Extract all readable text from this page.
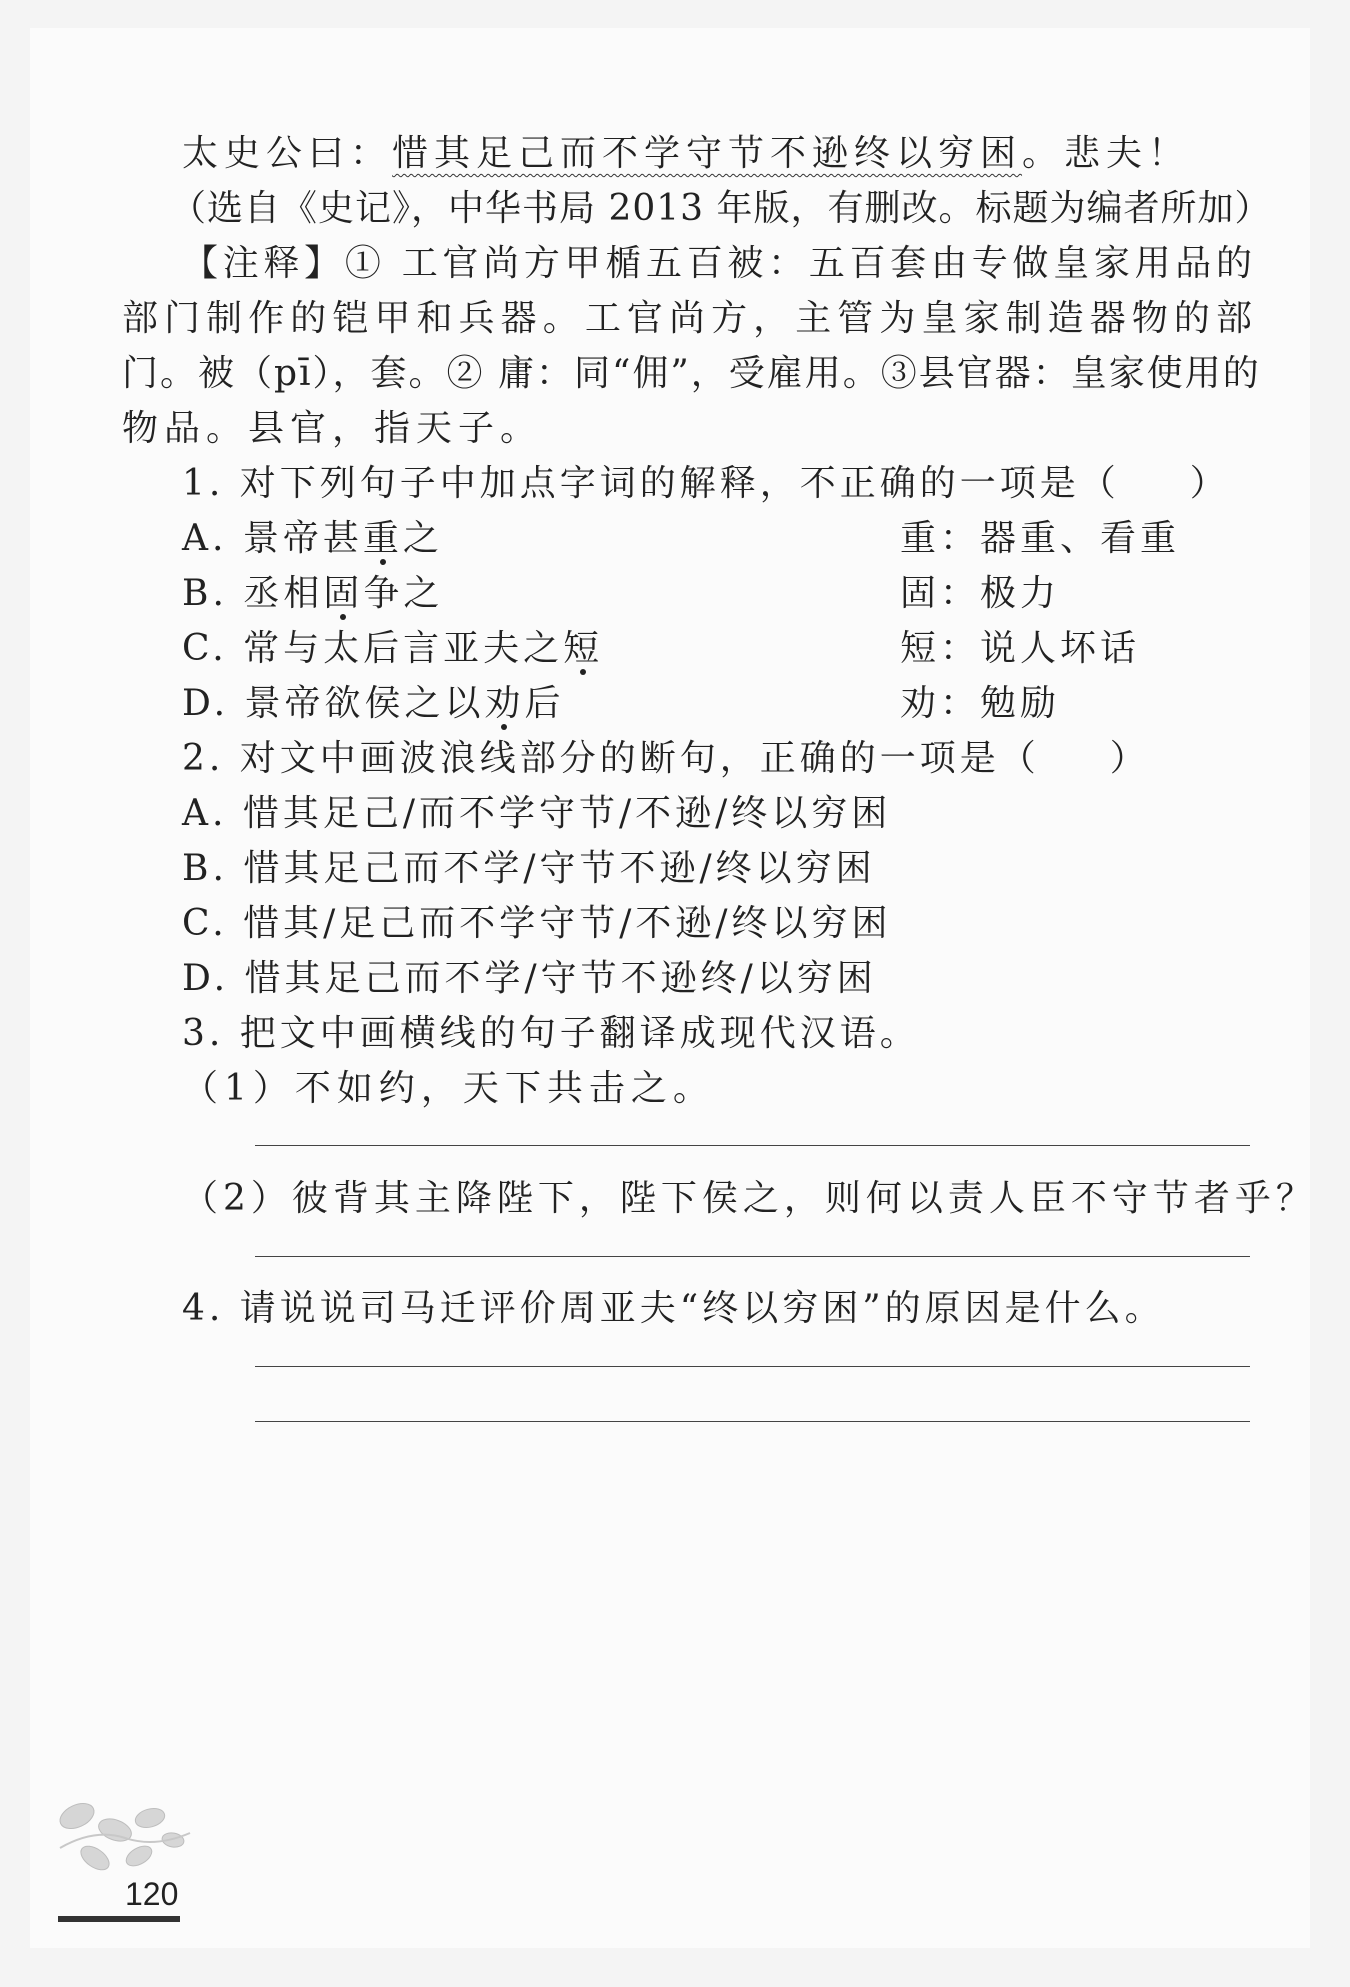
太史公曰：惜其足己而不学守节不逊终以穷困。悲夫！
（选自《史记》，中华书局 2013 年版，有删改。标题为编者所加）
【注释】① 工官尚方甲楯五百被：五百套由专做皇家用品的
部门制作的铠甲和兵器。工官尚方，主管为皇家制造器物的部
门。被（pī），套。② 庸：同“佣”，受雇用。③县官器：皇家使用的
物品。县官，指天子。
1. 对下列句子中加点字词的解释，不正确的一项是（ ）
A. 景帝甚重之	重：器重、看重
B. 丞相固争之	固：极力
C. 常与太后言亚夫之短	短：说人坏话
D. 景帝欲侯之以劝后	劝：勉励
2. 对文中画波浪线部分的断句，正确的一项是（ ）
A. 惜其足己/而不学守节/不逊/终以穷困
B. 惜其足己而不学/守节不逊/终以穷困
C. 惜其/足己而不学守节/不逊/终以穷困
D. 惜其足己而不学/守节不逊终/以穷困
3. 把文中画横线的句子翻译成现代汉语。
（1）不如约，天下共击之。
（2）彼背其主降陛下，陛下侯之，则何以责人臣不守节者乎？
4. 请说说司马迁评价周亚夫“终以穷困”的原因是什么。
120
